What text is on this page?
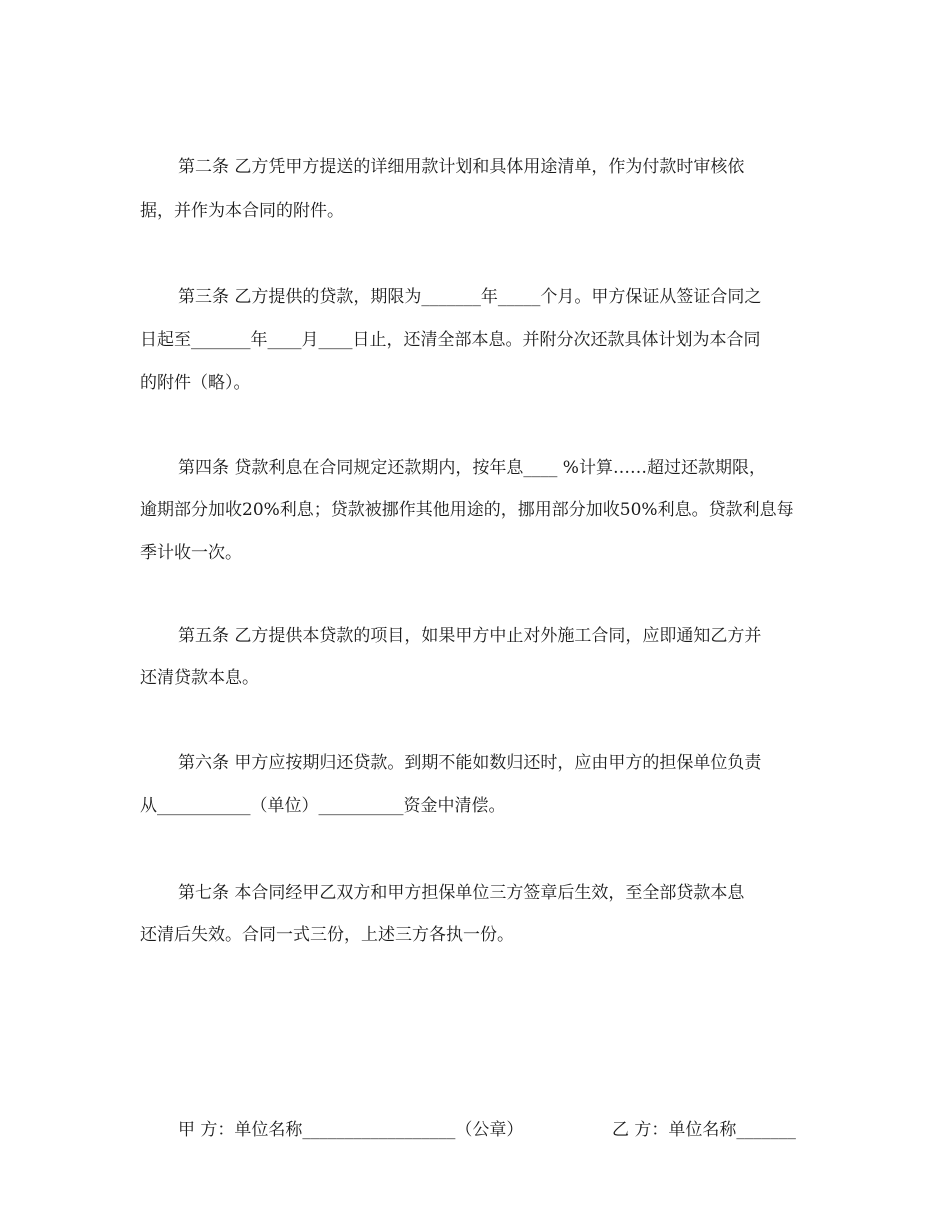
第二条 乙方凭甲方提送的详细用款计划和具体用途清单，作为付款时审核依
据，并作为本合同的附件。
第三条 乙方提供的贷款，期限为_______年_____个月。甲方保证从签证合同之
日起至_______年____月____日止，还清全部本息。并附分次还款具体计划为本合同
的附件（略）。
第四条 贷款利息在合同规定还款期内，按年息____ %计算……超过还款期限，
逾期部分加收20%利息；贷款被挪作其他用途的，挪用部分加收50%利息。贷款利息每
季计收一次。
第五条 乙方提供本贷款的项目，如果甲方中止对外施工合同，应即通知乙方并
还清贷款本息。
第六条 甲方应按期归还贷款。到期不能如数归还时，应由甲方的担保单位负责
从___________（单位）__________资金中清偿。
第七条 本合同经甲乙双方和甲方担保单位三方签章后生效，至全部贷款本息
还清后失效。合同一式三份，上述三方各执一份。
甲 方：单位名称__________________（公章）	乙 方：单位名称_______
